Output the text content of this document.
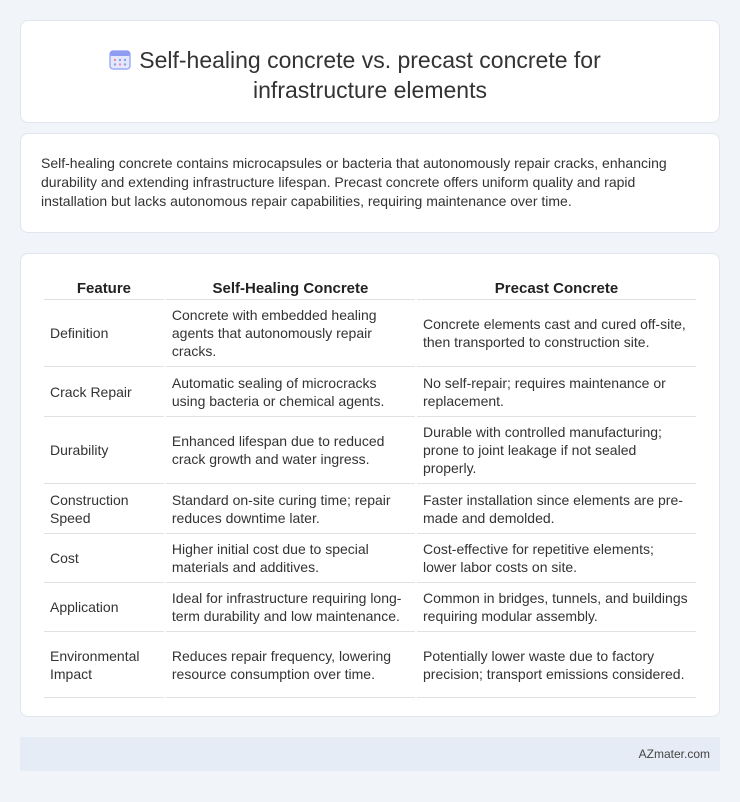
Self-healing concrete vs. precast concrete for
infrastructure elements

Self-healing concrete contains microcapsules or bacteria that autonomously repair cracks, enhancing durability and extending infrastructure lifespan. Precast concrete offers uniform quality and rapid installation but lacks autonomous repair capabilities, requiring maintenance over time.

Feature	Self-Healing Concrete	Precast Concrete
Definition	Concrete with embedded healing agents that autonomously repair cracks.	Concrete elements cast and cured off-site, then transported to construction site.
Crack Repair	Automatic sealing of microcracks using bacteria or chemical agents.	No self-repair; requires maintenance or replacement.
Durability	Enhanced lifespan due to reduced crack growth and water ingress.	Durable with controlled manufacturing; prone to joint leakage if not sealed properly.
Construction Speed	Standard on-site curing time; repair reduces downtime later.	Faster installation since elements are pre-made and demolded.
Cost	Higher initial cost due to special materials and additives.	Cost-effective for repetitive elements; lower labor costs on site.
Application	Ideal for infrastructure requiring long-term durability and low maintenance.	Common in bridges, tunnels, and buildings requiring modular assembly.
Environmental Impact	Reduces repair frequency, lowering resource consumption over time.	Potentially lower waste due to factory precision; transport emissions considered.
AZmater.com
